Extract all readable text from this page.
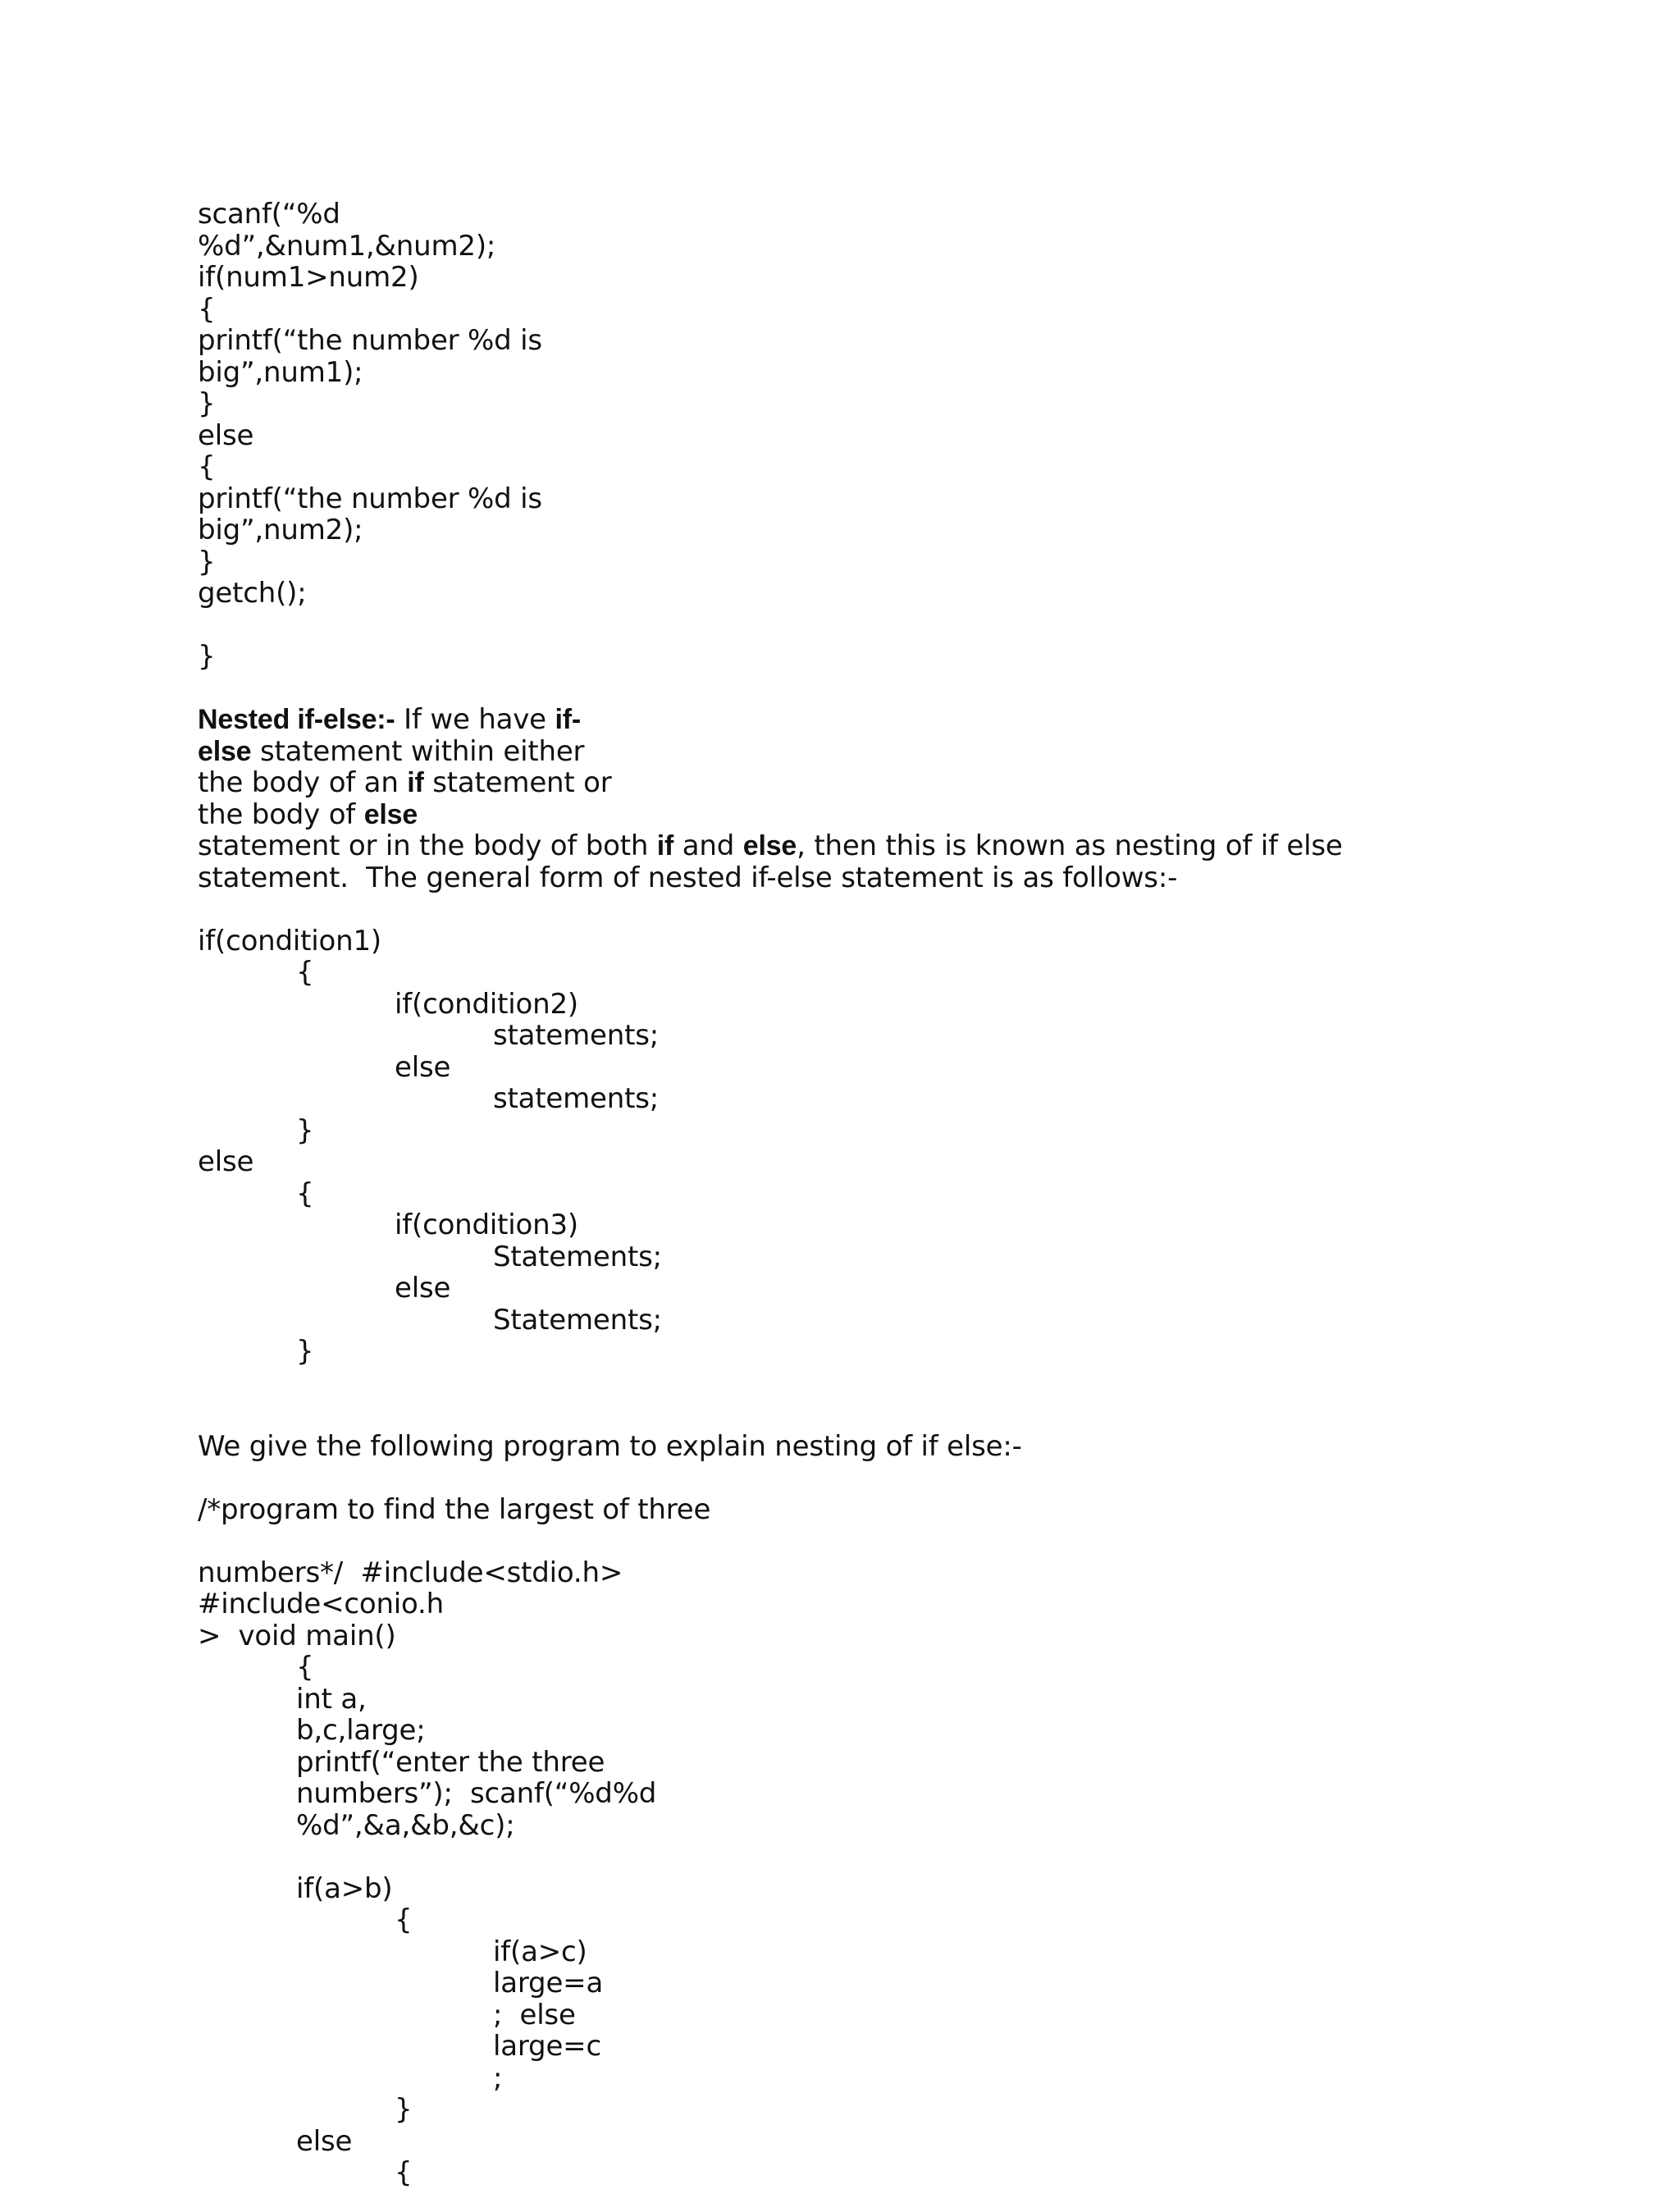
scanf(“%d
%d”,&num1,&num2);
if(num1>num2)
{
printf(“the number %d is
big”,num1);
}
else
{
printf(“the number %d is
big”,num2);
}
getch();
}
Nested if-else:- If we have if-
else statement within either
the body of an if statement or
the body of else
statement or in the body of both if and else, then this is known as nesting of if else
statement.  The general form of nested if-else statement is as follows:-
if(condition1)
{
if(condition2)
statements;
else
statements;
}
else
{
if(condition3)
Statements;
else
Statements;
}
We give the following program to explain nesting of if else:-
/*program to find the largest of three
numbers*/  #include<stdio.h>
#include<conio.h
>  void main()
{
int a,
b,c,large;
printf(“enter the three
numbers”);  scanf(“%d%d
%d”,&a,&b,&c);
if(a>b)
{
if(a>c)
large=a
;  else
large=c
;
}
else
{
